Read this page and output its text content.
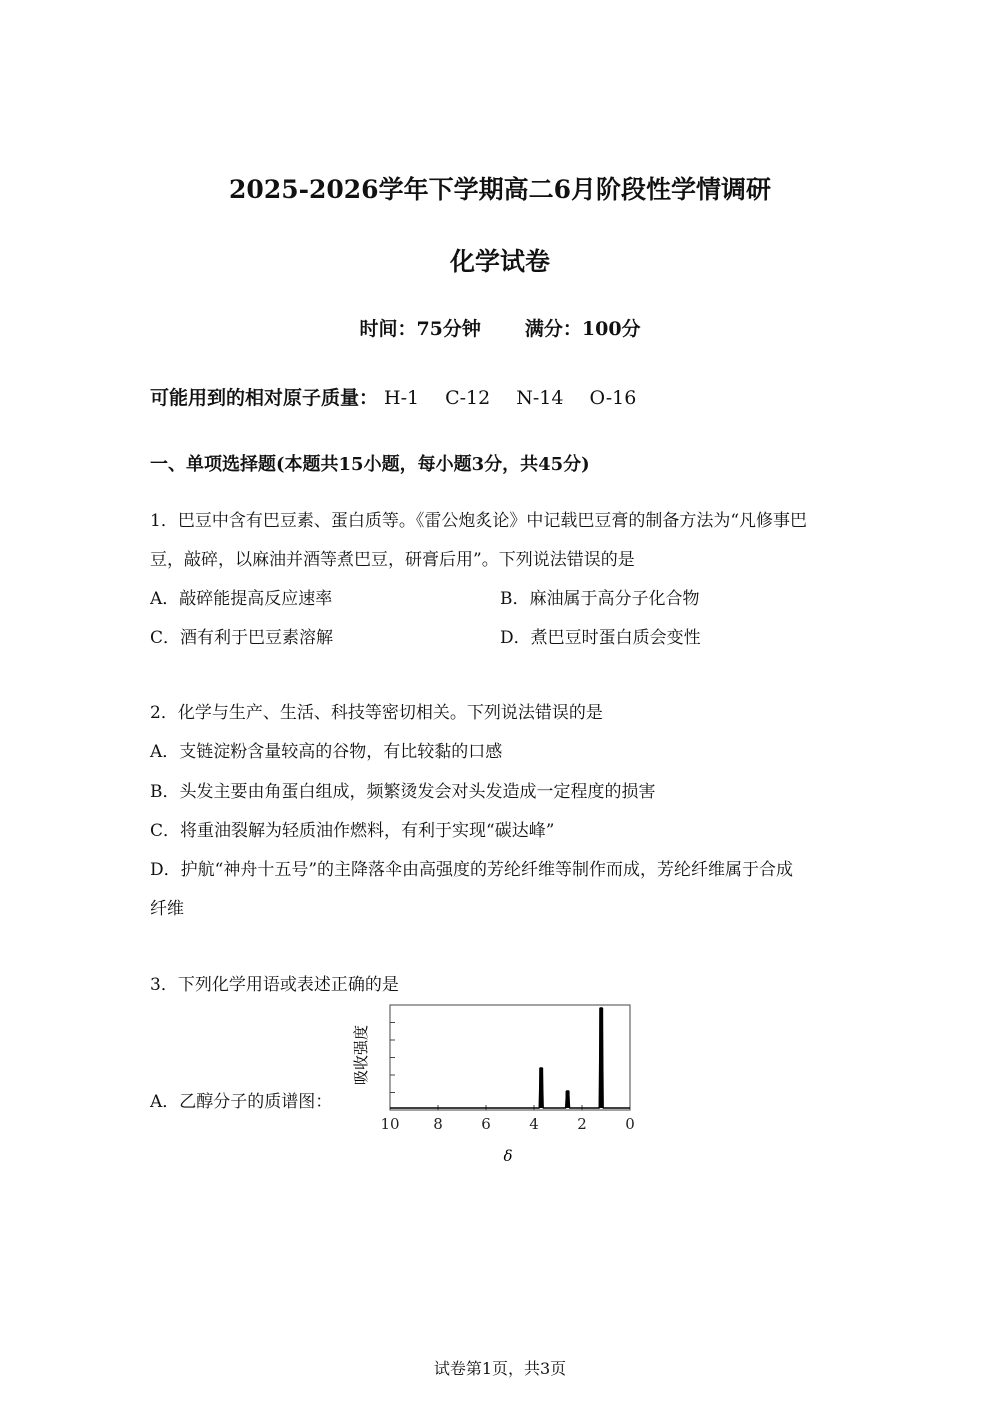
2025-2026学年下学期高二6月阶段性学情调研
化学试卷
时间：75分钟 满分：100分
可能用到的相对原子质量： H-1 C-12 N-14 O-16
一、单项选择题(本题共15小题，每小题3分，共45分)
1．巴豆中含有巴豆素、蛋白质等。《雷公炮炙论》中记载巴豆膏的制备方法为“凡修事巴
豆，敲碎，以麻油并酒等煮巴豆，研膏后用”。下列说法错误的是
A．敲碎能提高反应速率	B．麻油属于高分子化合物
C．酒有利于巴豆素溶解	D．煮巴豆时蛋白质会变性
2．化学与生产、生活、科技等密切相关。下列说法错误的是
A．支链淀粉含量较高的谷物，有比较黏的口感
B．头发主要由角蛋白组成，频繁烫发会对头发造成一定程度的损害
C．将重油裂解为轻质油作燃料，有利于实现“碳达峰”
D．护航“神舟十五号”的主降落伞由高强度的芳纶纤维等制作而成，芳纶纤维属于合成
纤维
3．下列化学用语或表述正确的是
A．乙醇分子的质谱图：
10 8	6	4	2	0
吸收强度
δ
试卷第1页，共3页
